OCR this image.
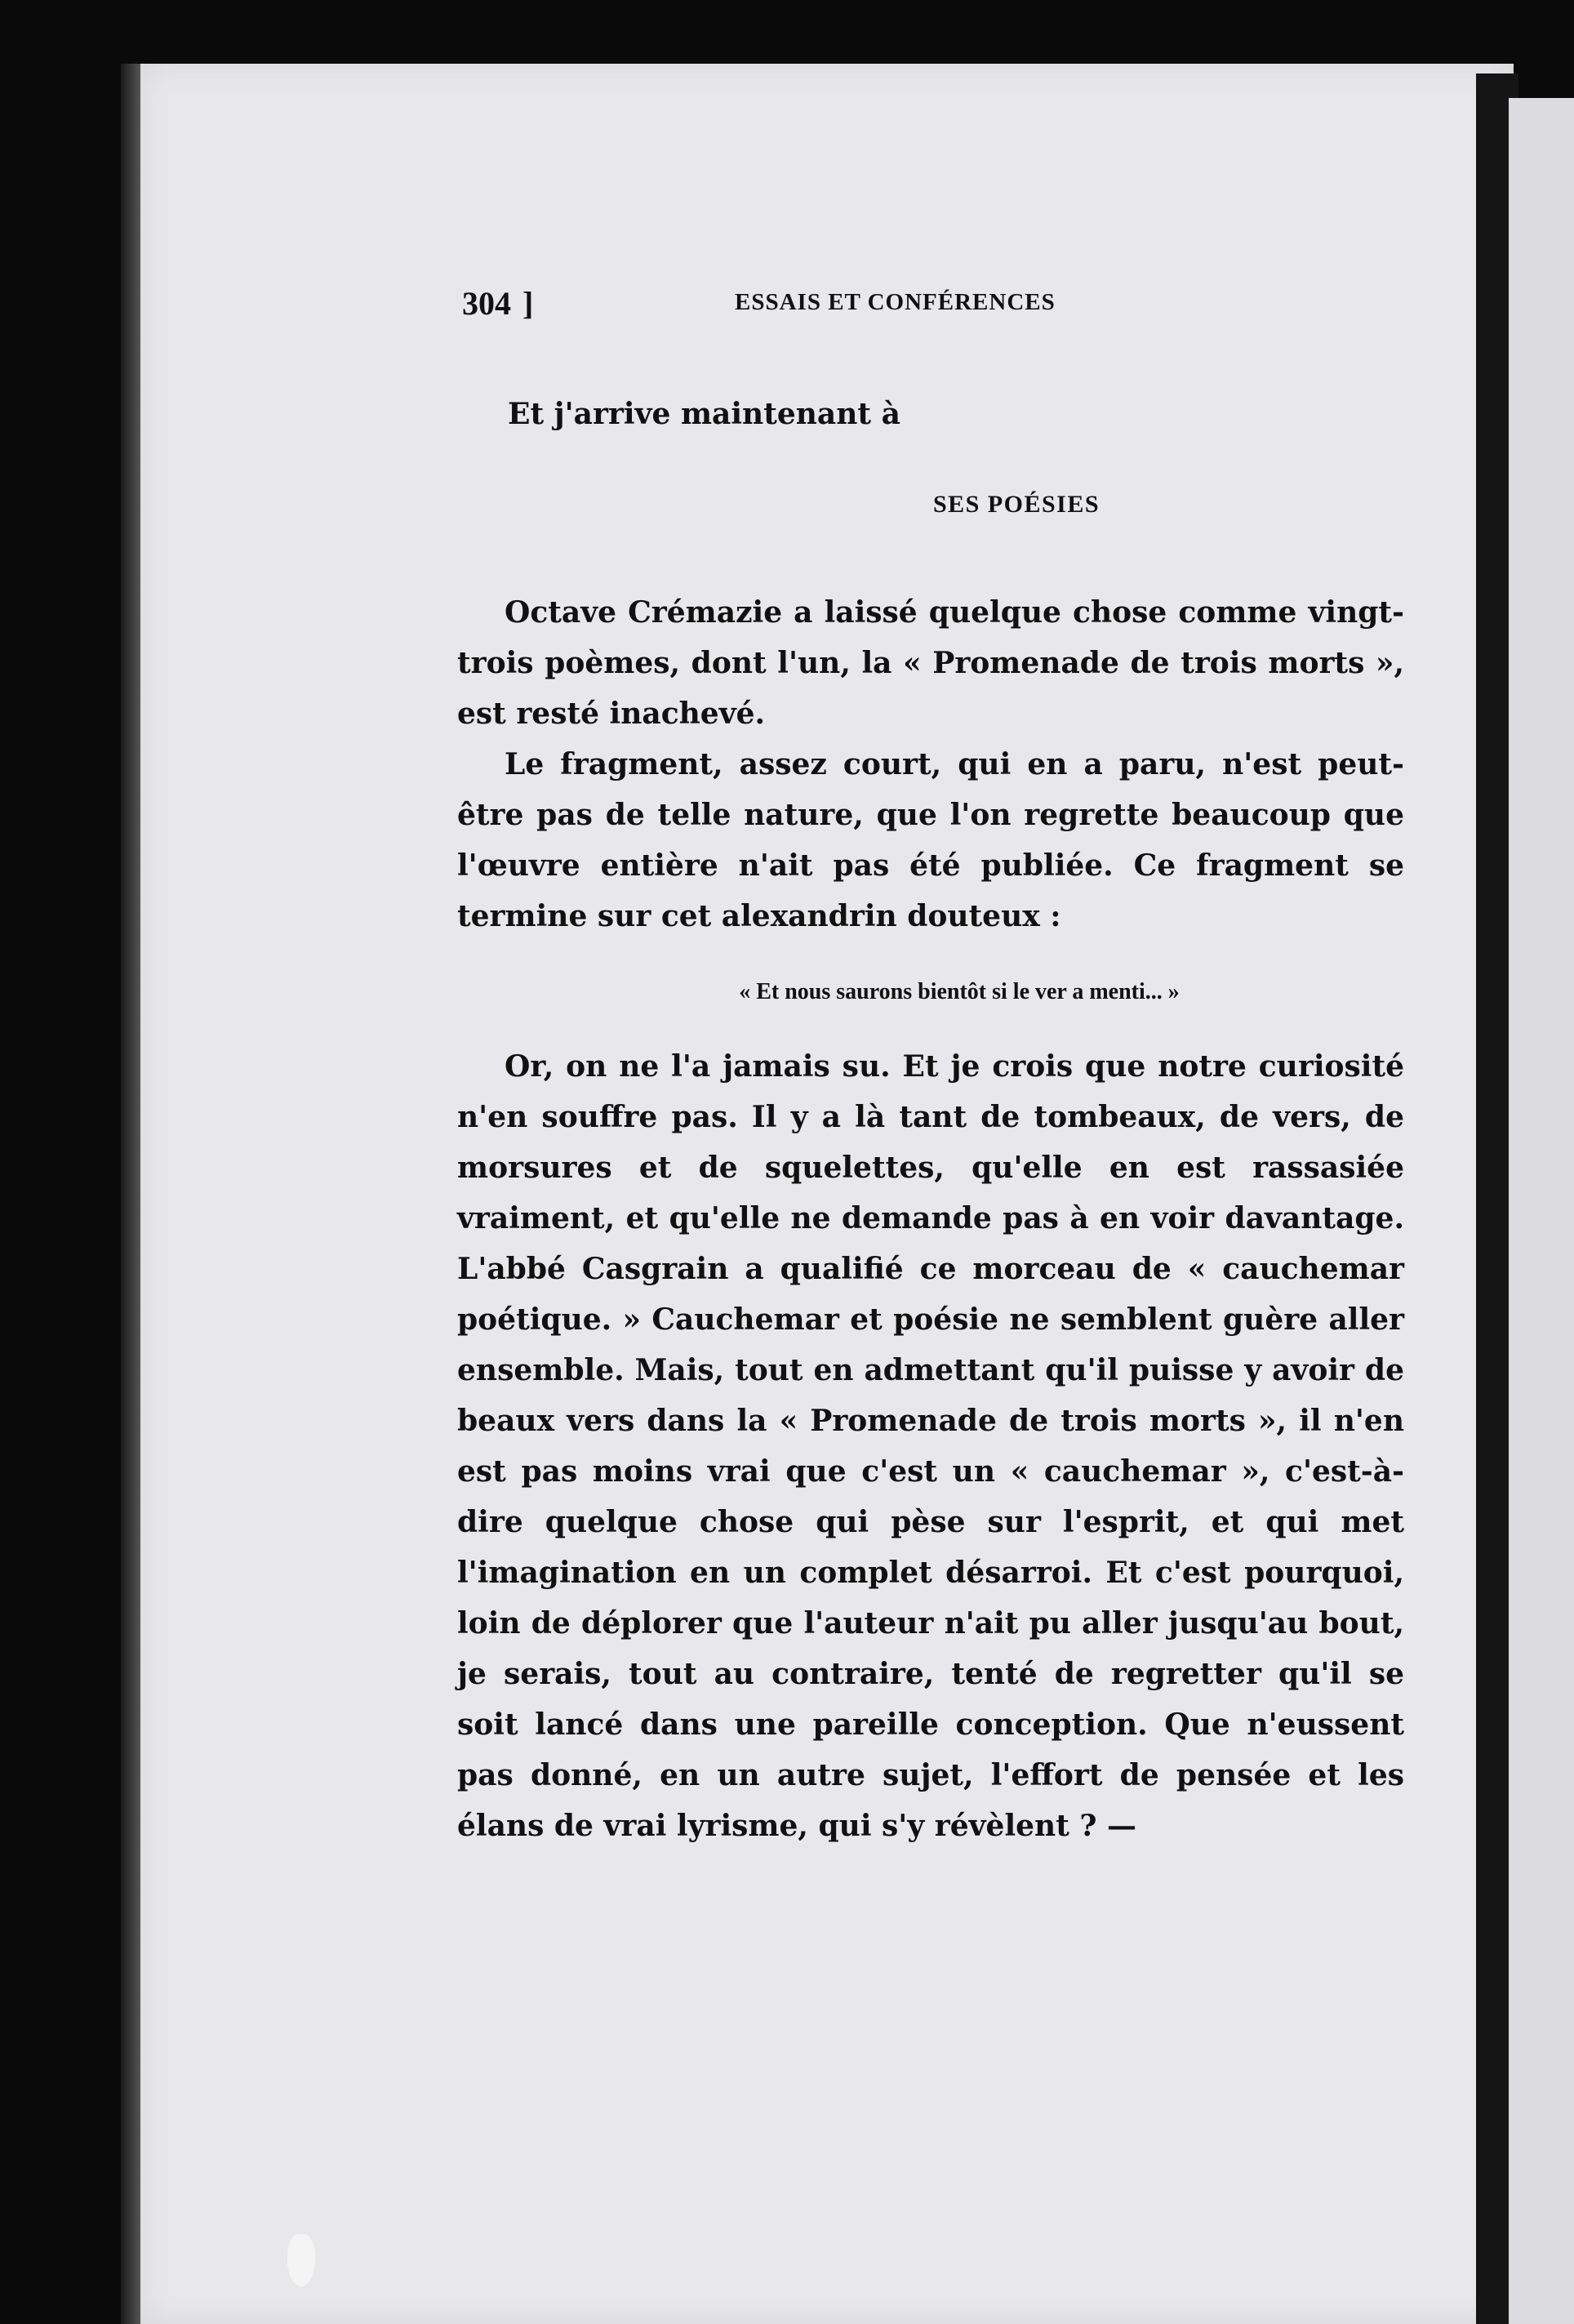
304 ]	ESSAIS ET CONFÉRENCES
Et j'arrive maintenant à
SES POÉSIES

Octave Crémazie a laissé quelque chose comme vingt-trois poèmes, dont l'un, la « Promenade de trois morts », est resté inachevé.

Le fragment, assez court, qui en a paru, n'est peut-être pas de telle nature, que l'on regrette beaucoup que l'œuvre entière n'ait pas été publiée. Ce fragment se termine sur cet alexandrin douteux :

« Et nous saurons bientôt si le ver a menti... »

Or, on ne l'a jamais su. Et je crois que notre curiosité n'en souffre pas. Il y a là tant de tombeaux, de vers, de morsures et de squelettes, qu'elle en est rassasiée vraiment, et qu'elle ne demande pas à en voir davantage. L'abbé Casgrain a qualifié ce morceau de « cauchemar poétique. » Cauchemar et poésie ne semblent guère aller ensemble. Mais, tout en admettant qu'il puisse y avoir de beaux vers dans la « Promenade de trois morts », il n'en est pas moins vrai que c'est un « cauchemar », c'est-à-dire quelque chose qui pèse sur l'esprit, et qui met l'imagination en un complet désarroi. Et c'est pourquoi, loin de déplorer que l'auteur n'ait pu aller jusqu'au bout, je serais, tout au contraire, tenté de regretter qu'il se soit lancé dans une pareille conception. Que n'eussent pas donné, en un autre sujet, l'effort de pensée et les élans de vrai lyrisme, qui s'y révèlent ? —
